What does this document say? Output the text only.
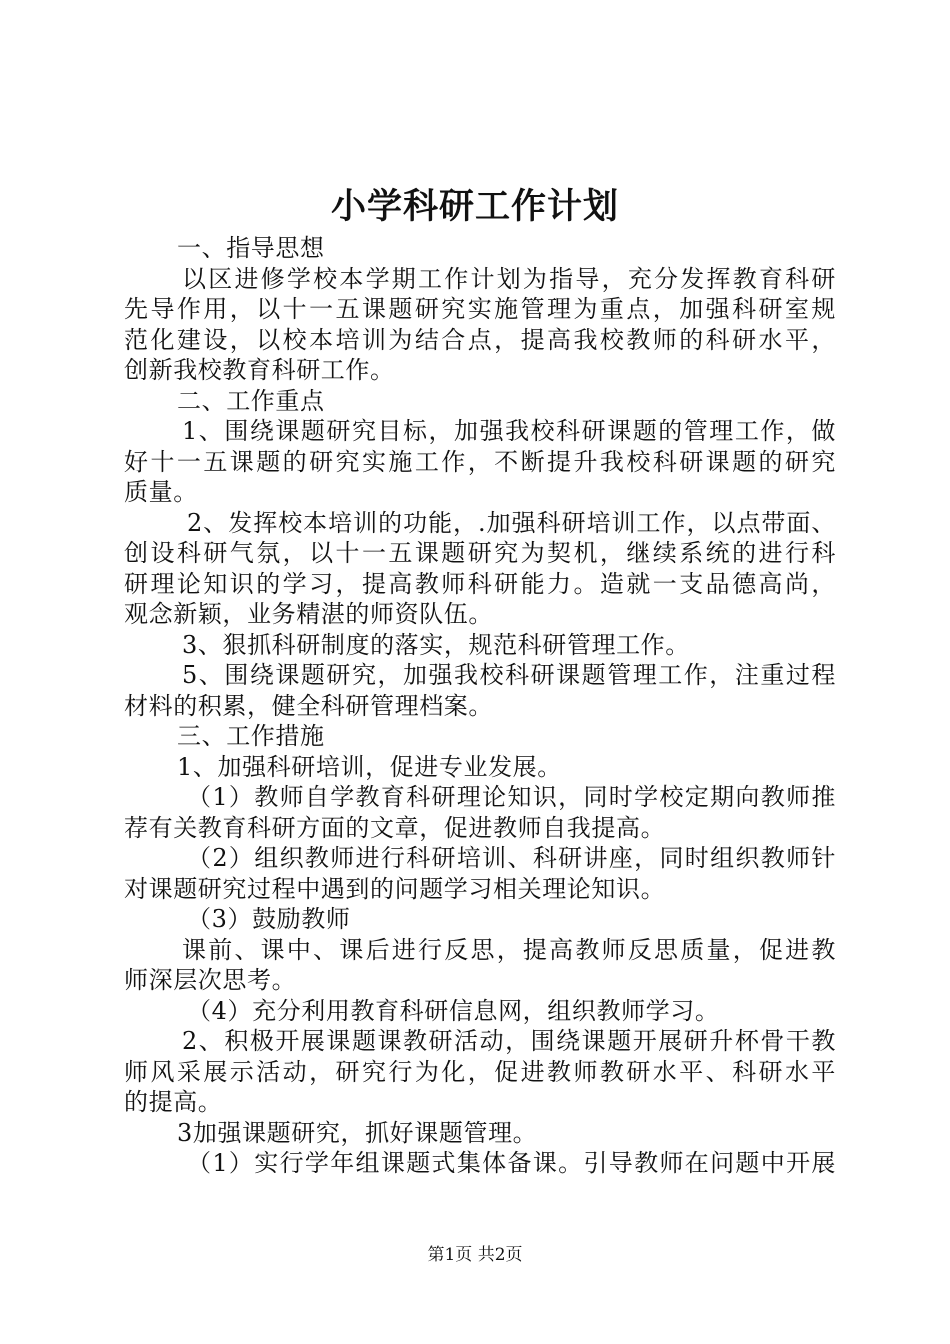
小学科研工作计划
一、指导思想
以区进修学校本学期工作计划为指导，充分发挥教育科研
先导作用，以十一五课题研究实施管理为重点，加强科研室规
范化建设，以校本培训为结合点，提高我校教师的科研水平，
创新我校教育科研工作。
二、工作重点
1、围绕课题研究目标，加强我校科研课题的管理工作，做
好十一五课题的研究实施工作，不断提升我校科研课题的研究
质量。
2、发挥校本培训的功能，.加强科研培训工作，以点带面、
创设科研气氛，以十一五课题研究为契机，继续系统的进行科
研理论知识的学习，提高教师科研能力。造就一支品德高尚，
观念新颖，业务精湛的师资队伍。
3、狠抓科研制度的落实，规范科研管理工作。
5、围绕课题研究，加强我校科研课题管理工作，注重过程
材料的积累，健全科研管理档案。
三、工作措施
1、加强科研培训，促进专业发展。
（1）教师自学教育科研理论知识，同时学校定期向教师推
荐有关教育科研方面的文章，促进教师自我提高。
（2）组织教师进行科研培训、科研讲座，同时组织教师针
对课题研究过程中遇到的问题学习相关理论知识。
（3）鼓励教师
课前、课中、课后进行反思，提高教师反思质量，促进教
师深层次思考。
（4）充分利用教育科研信息网，组织教师学习。
2、积极开展课题课教研活动，围绕课题开展研升杯骨干教
师风采展示活动，研究行为化，促进教师教研水平、科研水平
的提高。
3加强课题研究，抓好课题管理。
（1）实行学年组课题式集体备课。引导教师在问题中开展
第1页 共2页
